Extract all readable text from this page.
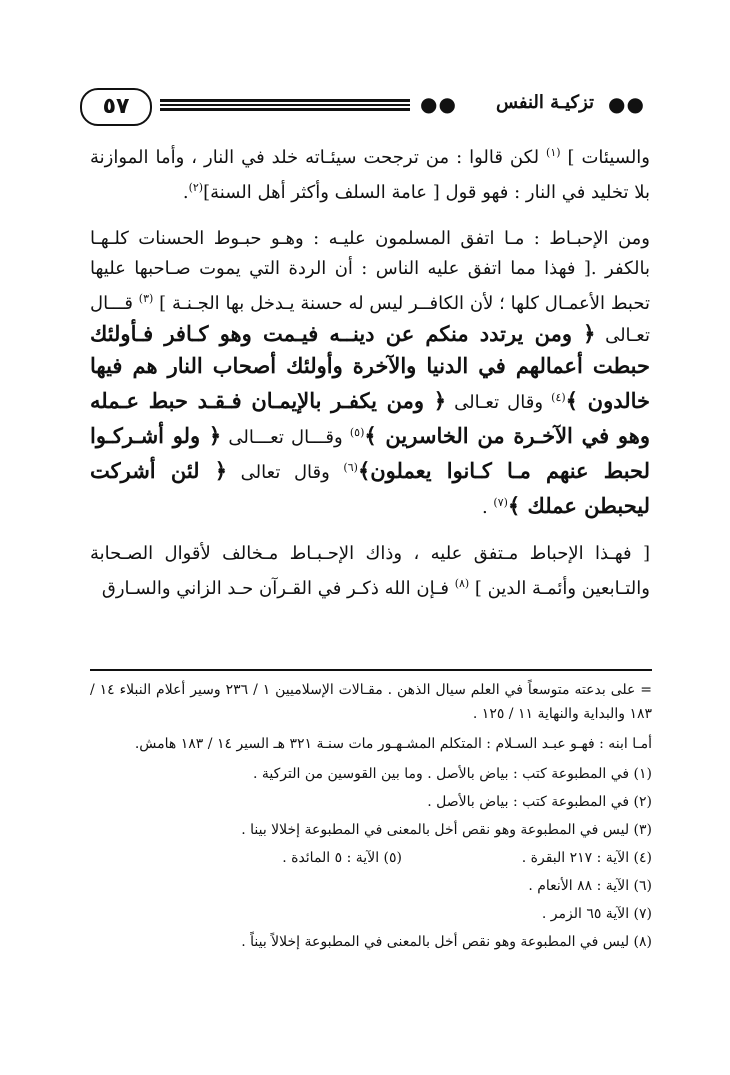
٥٧	●●	تزكيـة النفس ●●

والسيئات ] $^{(١)}$ لكن قالوا : من ترجحت سيئـاته خلد في النار ، وأما الموازنة بلا تخليد في النار : فهو قول [ عامة السلف وأكثر أهل السنة]$^{(٢)}$.

ومن الإحبـاط : مـا اتفق المسلمون عليـه : وهـو حبـوط الحسنات كلـهـا بالكفر .[ فهذا مما اتفق عليه الناس : أن الردة التي يموت صـاحبها عليها تحبط الأعمـال كلها ؛ لأن الكافــر ليس له حسنة يـدخل بها الجـنـة ] $^{(٣)}$ قـــال تعـالى ﴿ ومن يرتدد منكم عن دينــه فيـمت وهو كـافر فـأولئك حبطت أعمالهم في الدنيا والآخرة وأولئك أصحاب النار هم فيها خالدون ﴾$^{(٤)}$ وقال تعـالى ﴿ ومن يكفـر بالإيمـان فـقـد حبط عـمله وهو في الآخـرة من الخاسرين ﴾$^{(٥)}$ وقـــال تعـــالى ﴿ ولو أشـركـوا لحبط عنهم مـا كـانوا يعملون﴾$^{(٦)}$ وقال تعالى ﴿ لئن أشركت ليحبطن عملك ﴾$^{(٧)}$ .

[ فهـذا الإحباط مـتفق عليه ، وذاك الإحـبـاط مـخالف لأقوال الصـحابة والتـابعين وأئمـة الدين ] $^{(٨)}$ فـإن الله ذكـر في القـرآن حـد الزاني والسـارق

= على بدعته متوسعاً في العلم سيال الذهن . مقـالات الإسلاميين ١ / ٢٣٦ وسير أعلام النبلاء ١٤ / ١٨٣ والبداية والنهاية ١١ / ١٢٥ .
أمـا ابنه : فهـو عبـد السـلام : المتكلم المشـهـور مات سنـة ٣٢١ هـ السير ١٤ / ١٨٣ هامش.
(١) في المطبوعة كتب : بياض بالأصل . وما بين القوسين من التركية .
(٢) في المطبوعة كتب : بياض بالأصل .
(٣) ليس في المطبوعة وهو نقص أخل بالمعنى في المطبوعة إخلالا بينا .
(٤) الآية : ٢١٧ البقرة .
(٥) الآية : ٥ المائدة .
(٦) الآية : ٨٨ الأنعام .
(٧) الآية ٦٥ الزمر .
(٨) ليس في المطبوعة وهو نقص أخل بالمعنى في المطبوعة إخلالاً بيناً .
